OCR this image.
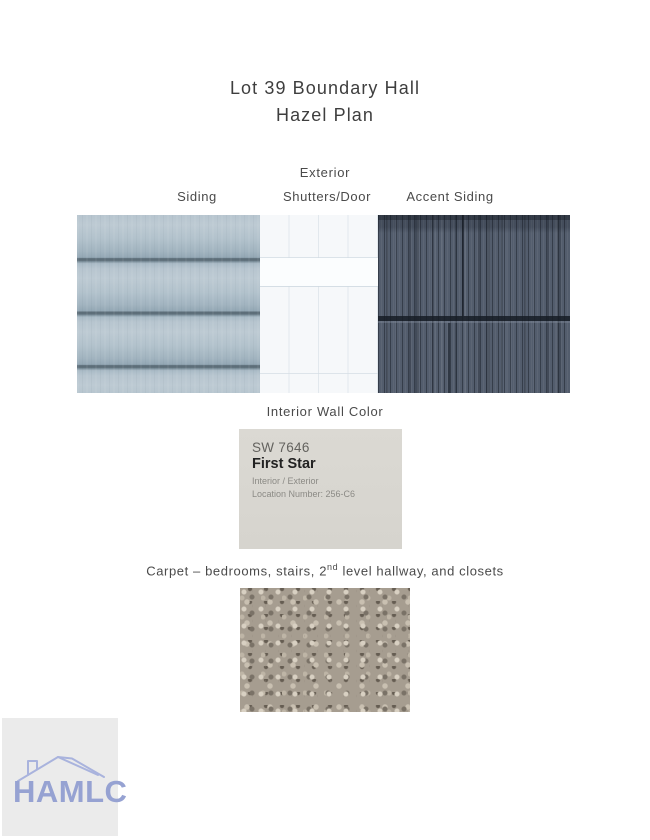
Lot 39 Boundary Hall
Hazel Plan
Exterior
Siding	Shutters/Door	Accent Siding
Interior Wall Color
SW 7646
First Star
Interior / Exterior
Location Number: 256-C6
Carpet – bedrooms, stairs, 2nd level hallway, and closets
HAMLC
